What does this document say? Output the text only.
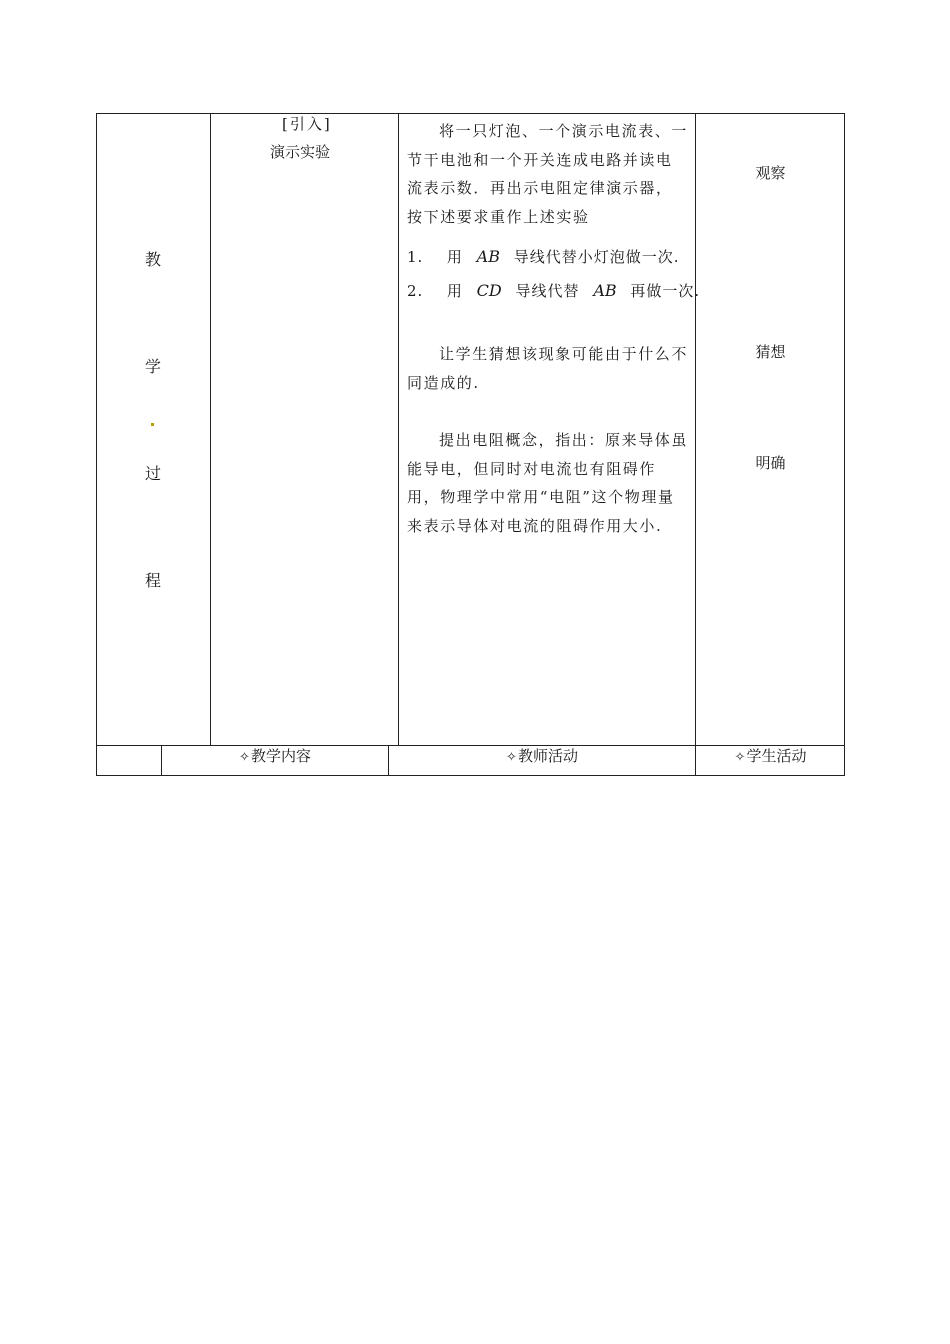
教
学
过
程
[引入]
演示实验
将一只灯泡、一个演示电流表、一节干电池和一个开关连成电路并读电流表示数．再出示电阻定律演示器，按下述要求重作上述实验
1. 用 AB 导线代替小灯泡做一次.
2. 用 CD 导线代替 AB 再做一次.
让学生猜想该现象可能由于什么不同造成的.
提出电阻概念，指出：原来导体虽能导电，但同时对电流也有阻碍作用，物理学中常用“电阻”这个物理量来表示导体对电流的阻碍作用大小.
观察
猜想
明确
✧教学内容	✧教师活动	✧学生活动
